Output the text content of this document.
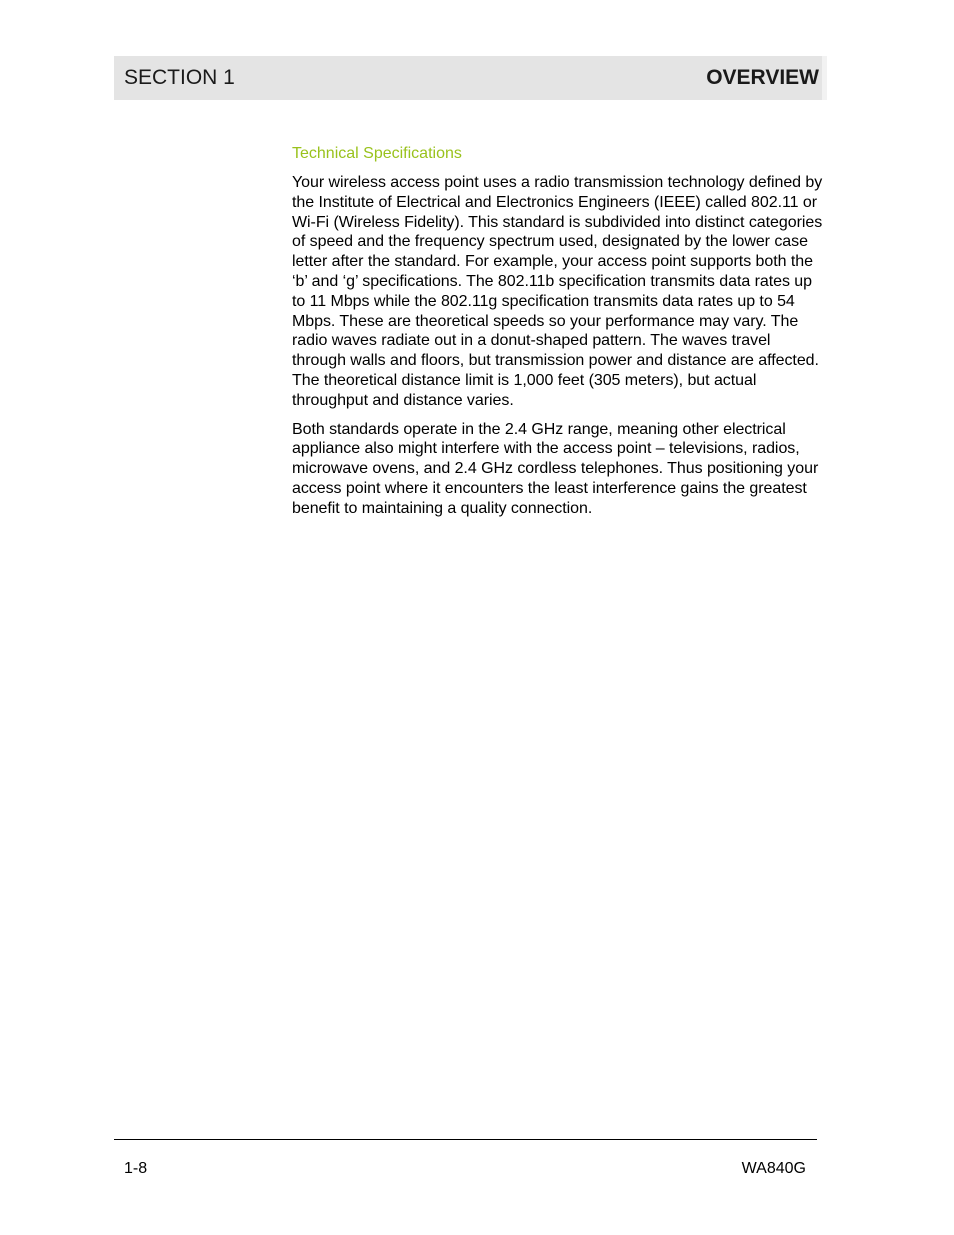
SECTION 1	OVERVIEW
Technical Specifications

Your wireless access point uses a radio transmission technology defined by the Institute of Electrical and Electronics Engineers (IEEE) called 802.11 or Wi-Fi (Wireless Fidelity). This standard is subdivided into distinct categories of speed and the frequency spectrum used, designated by the lower case letter after the standard. For example, your access point supports both the ‘b’ and ‘g’ specifications. The 802.11b specification transmits data rates up to 11 Mbps while the 802.11g specification transmits data rates up to 54 Mbps. These are theoretical speeds so your performance may vary. The radio waves radiate out in a donut-shaped pattern. The waves travel through walls and floors, but transmission power and distance are affected. The theoretical distance limit is 1,000 feet (305 meters), but actual throughput and distance varies.

Both standards operate in the 2.4 GHz range, meaning other electrical appliance also might interfere with the access point – televisions, radios, microwave ovens, and 2.4 GHz cordless telephones. Thus positioning your access point where it encounters the least interference gains the greatest benefit to maintaining a quality connection.

1-8	WA840G
